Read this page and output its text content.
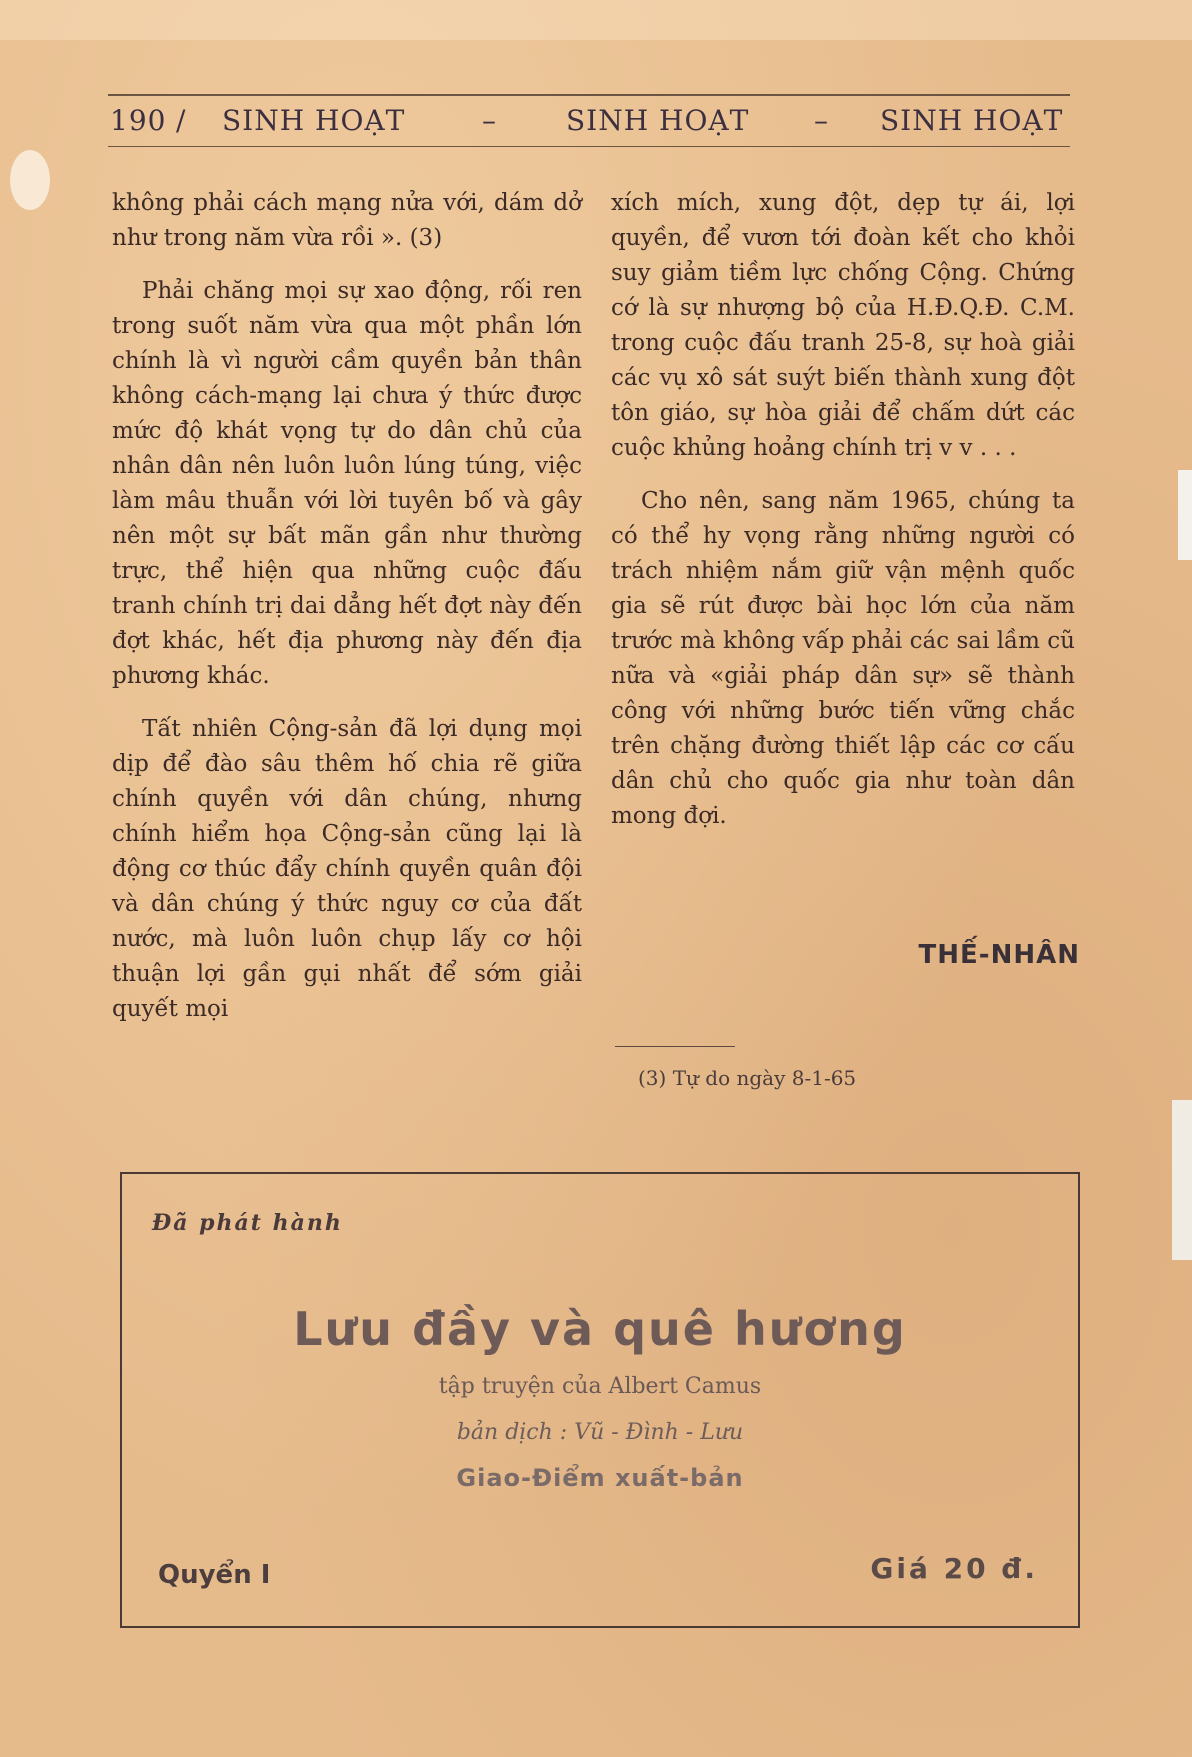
190 / SINH HOẠT	– SINH HOẠT – SINH HOẠT

không phải cách mạng nửa với, dám dở như trong năm vừa rồi ». (3)

Phải chăng mọi sự xao động, rối ren trong suốt năm vừa qua một phần lớn chính là vì người cầm quyền bản thân không cách-mạng lại chưa ý thức được mức độ khát vọng tự do dân chủ của nhân dân nên luôn luôn lúng túng, việc làm mâu thuẫn với lời tuyên bố và gây nên một sự bất mãn gần như thường trực, thể hiện qua những cuộc đấu tranh chính trị dai dẳng hết đợt này đến đợt khác, hết địa phương này đến địa phương khác.

Tất nhiên Cộng-sản đã lợi dụng mọi dịp để đào sâu thêm hố chia rẽ giữa chính quyền với dân chúng, nhưng chính hiểm họa Cộng-sản cũng lại là động cơ thúc đẩy chính quyền quân đội và dân chúng ý thức nguy cơ của đất nước, mà luôn luôn chụp lấy cơ hội thuận lợi gần gụi nhất để sớm giải quyết mọi

xích mích, xung đột, dẹp tự ái, lợi quyền, để vươn tới đoàn kết cho khỏi suy giảm tiềm lực chống Cộng. Chứng cớ là sự nhượng bộ của H.Đ.Q.Đ. C.M. trong cuộc đấu tranh 25-8, sự hoà giải các vụ xô sát suýt biến thành xung đột tôn giáo, sự hòa giải để chấm dứt các cuộc khủng hoảng chính trị v v . . .

Cho nên, sang năm 1965, chúng ta có thể hy vọng rằng những người có trách nhiệm nắm giữ vận mệnh quốc gia sẽ rút được bài học lớn của năm trước mà không vấp phải các sai lầm cũ nữa và «giải pháp dân sự» sẽ thành công với những bước tiến vững chắc trên chặng đường thiết lập các cơ cấu dân chủ cho quốc gia như toàn dân mong đợi.

THẾ-NHÂN
(3) Tự do ngày 8-1-65
Đã phát hành
Lưu đầy và quê hương
tập truyện của Albert Camus
bản dịch : Vũ - Đình - Lưu
Giao-Điểm xuất-bản
Quyển I	Giá 20 đ.
